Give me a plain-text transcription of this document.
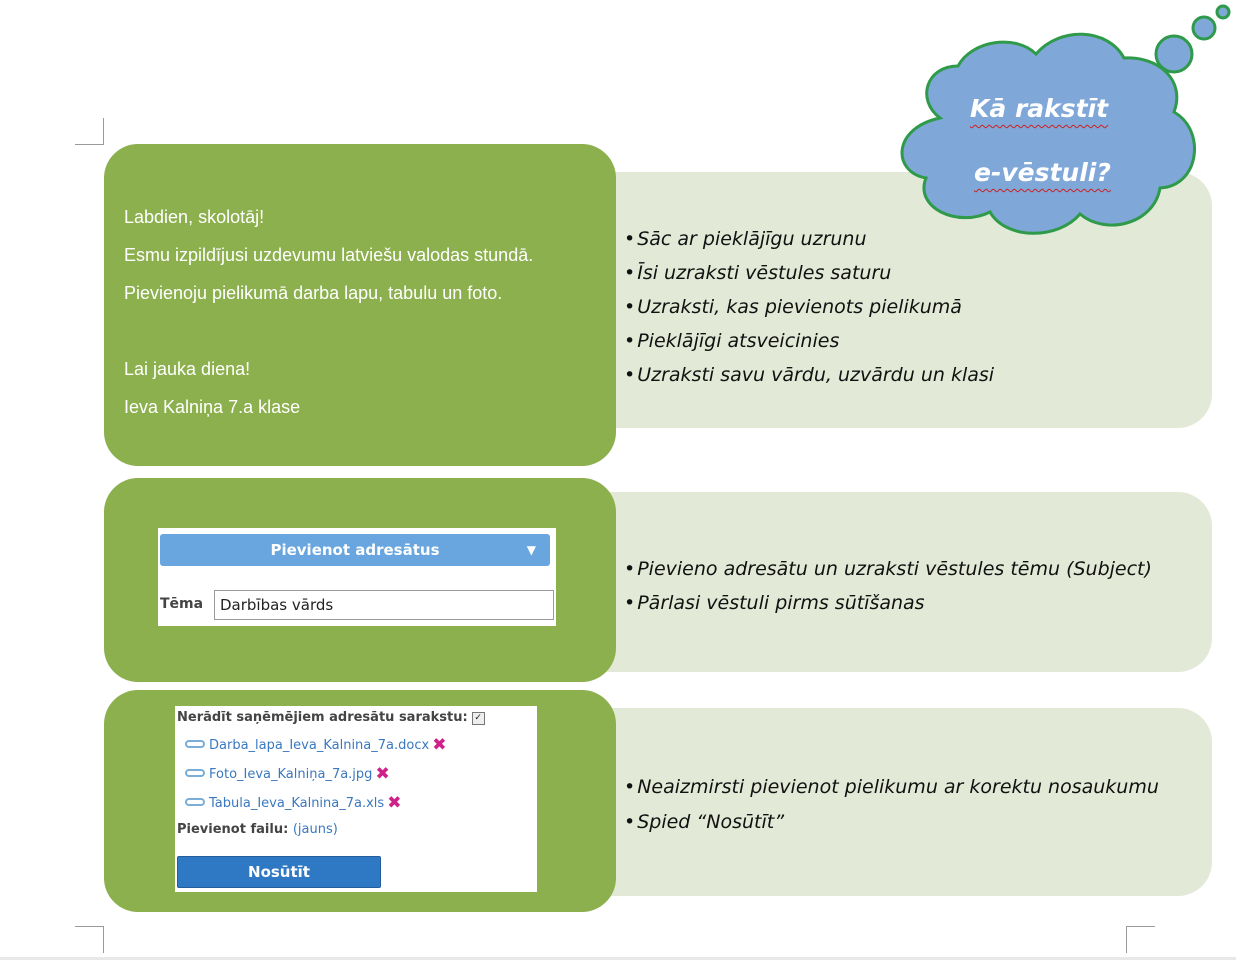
Labdien, skolotāj!
Esmu izpildījusi uzdevumu latviešu valodas stundā.
Pievienoju pielikumā darba lapu, tabulu un foto.
Lai jauka diena!
Ieva Kalniņa 7.a klase
• Sāc ar pieklājīgu uzrunu
• Īsi uzraksti vēstules saturu
• Uzraksti, kas pievienots pielikumā
• Pieklājīgi atsveicinies
• Uzraksti savu vārdu, uzvārdu un klasi
Kā rakstīt
e-vēstuli?
Pievienot adresātus	▼
Tēma
Darbības vārds
• Pievieno adresātu un uzraksti vēstules tēmu (Subject)
• Pārlasi vēstuli pirms sūtīšanas
Nerādīt saņēmējiem adresātu sarakstu: ✓
Darba_lapa_Ieva_Kalnina_7a.docx ✖
Foto_Ieva_Kalniņa_7a.jpg ✖
Tabula_Ieva_Kalnina_7a.xls ✖
Pievienot failu: (jauns)
Nosūtīt
• Neaizmirsti pievienot pielikumu ar korektu nosaukumu
• Spied “Nosūtīt”
